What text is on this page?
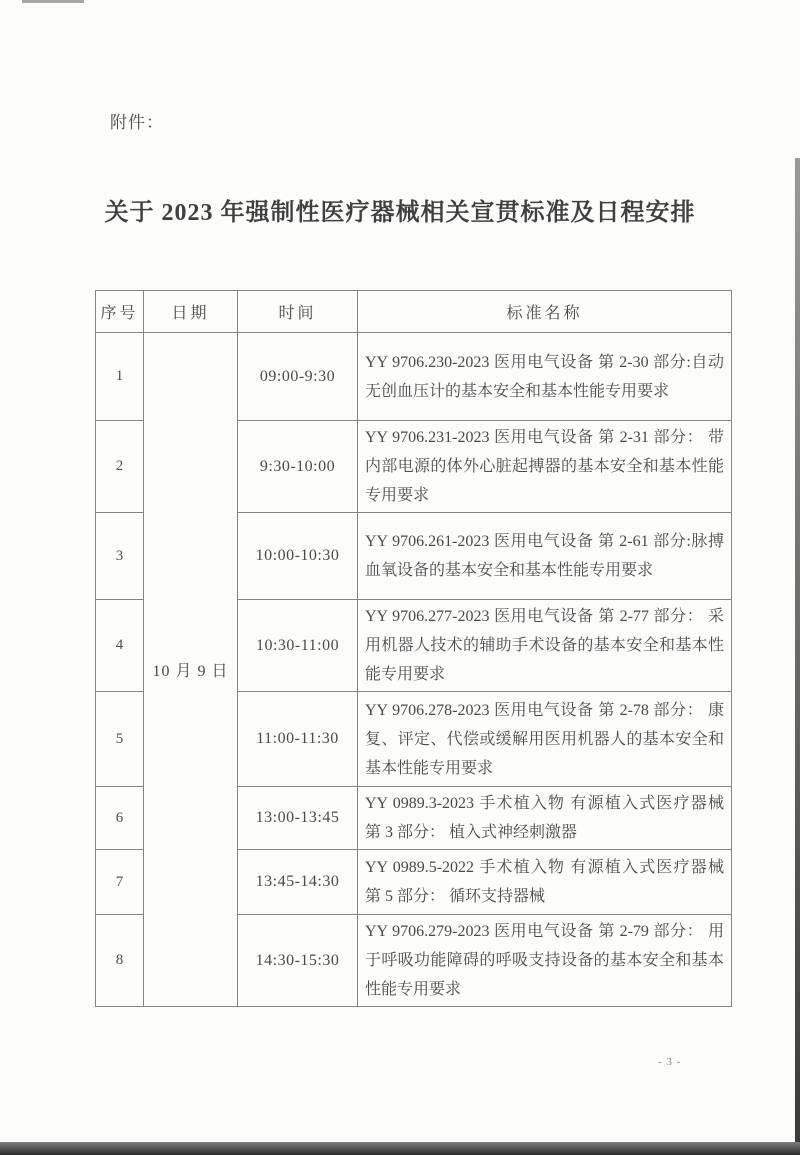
附件：
关于 2023 年强制性医疗器械相关宣贯标准及日程安排
序号	日期	时间	标准名称
1	10 月 9 日	09:00-9:30	YY 9706.230-2023 医用电气设备 第 2-30 部分:自动无创血压计的基本安全和基本性能专用要求
2		9:30-10:00	YY 9706.231-2023 医用电气设备 第 2-31 部分： 带内部电源的体外心脏起搏器的基本安全和基本性能专用要求
3		10:00-10:30	YY 9706.261-2023 医用电气设备 第 2-61 部分:脉搏血氧设备的基本安全和基本性能专用要求
4		10:30-11:00	YY 9706.277-2023 医用电气设备 第 2-77 部分： 采用机器人技术的辅助手术设备的基本安全和基本性能专用要求
5		11:00-11:30	YY 9706.278-2023 医用电气设备 第 2-78 部分： 康复、评定、代偿或缓解用医用机器人的基本安全和基本性能专用要求
6		13:00-13:45	YY 0989.3-2023 手术植入物 有源植入式医疗器械 第 3 部分： 植入式神经刺激器
7		13:45-14:30	YY 0989.5-2022 手术植入物 有源植入式医疗器械 第 5 部分： 循环支持器械
8		14:30-15:30	YY 9706.279-2023 医用电气设备 第 2-79 部分： 用于呼吸功能障碍的呼吸支持设备的基本安全和基本性能专用要求
- 3 -
